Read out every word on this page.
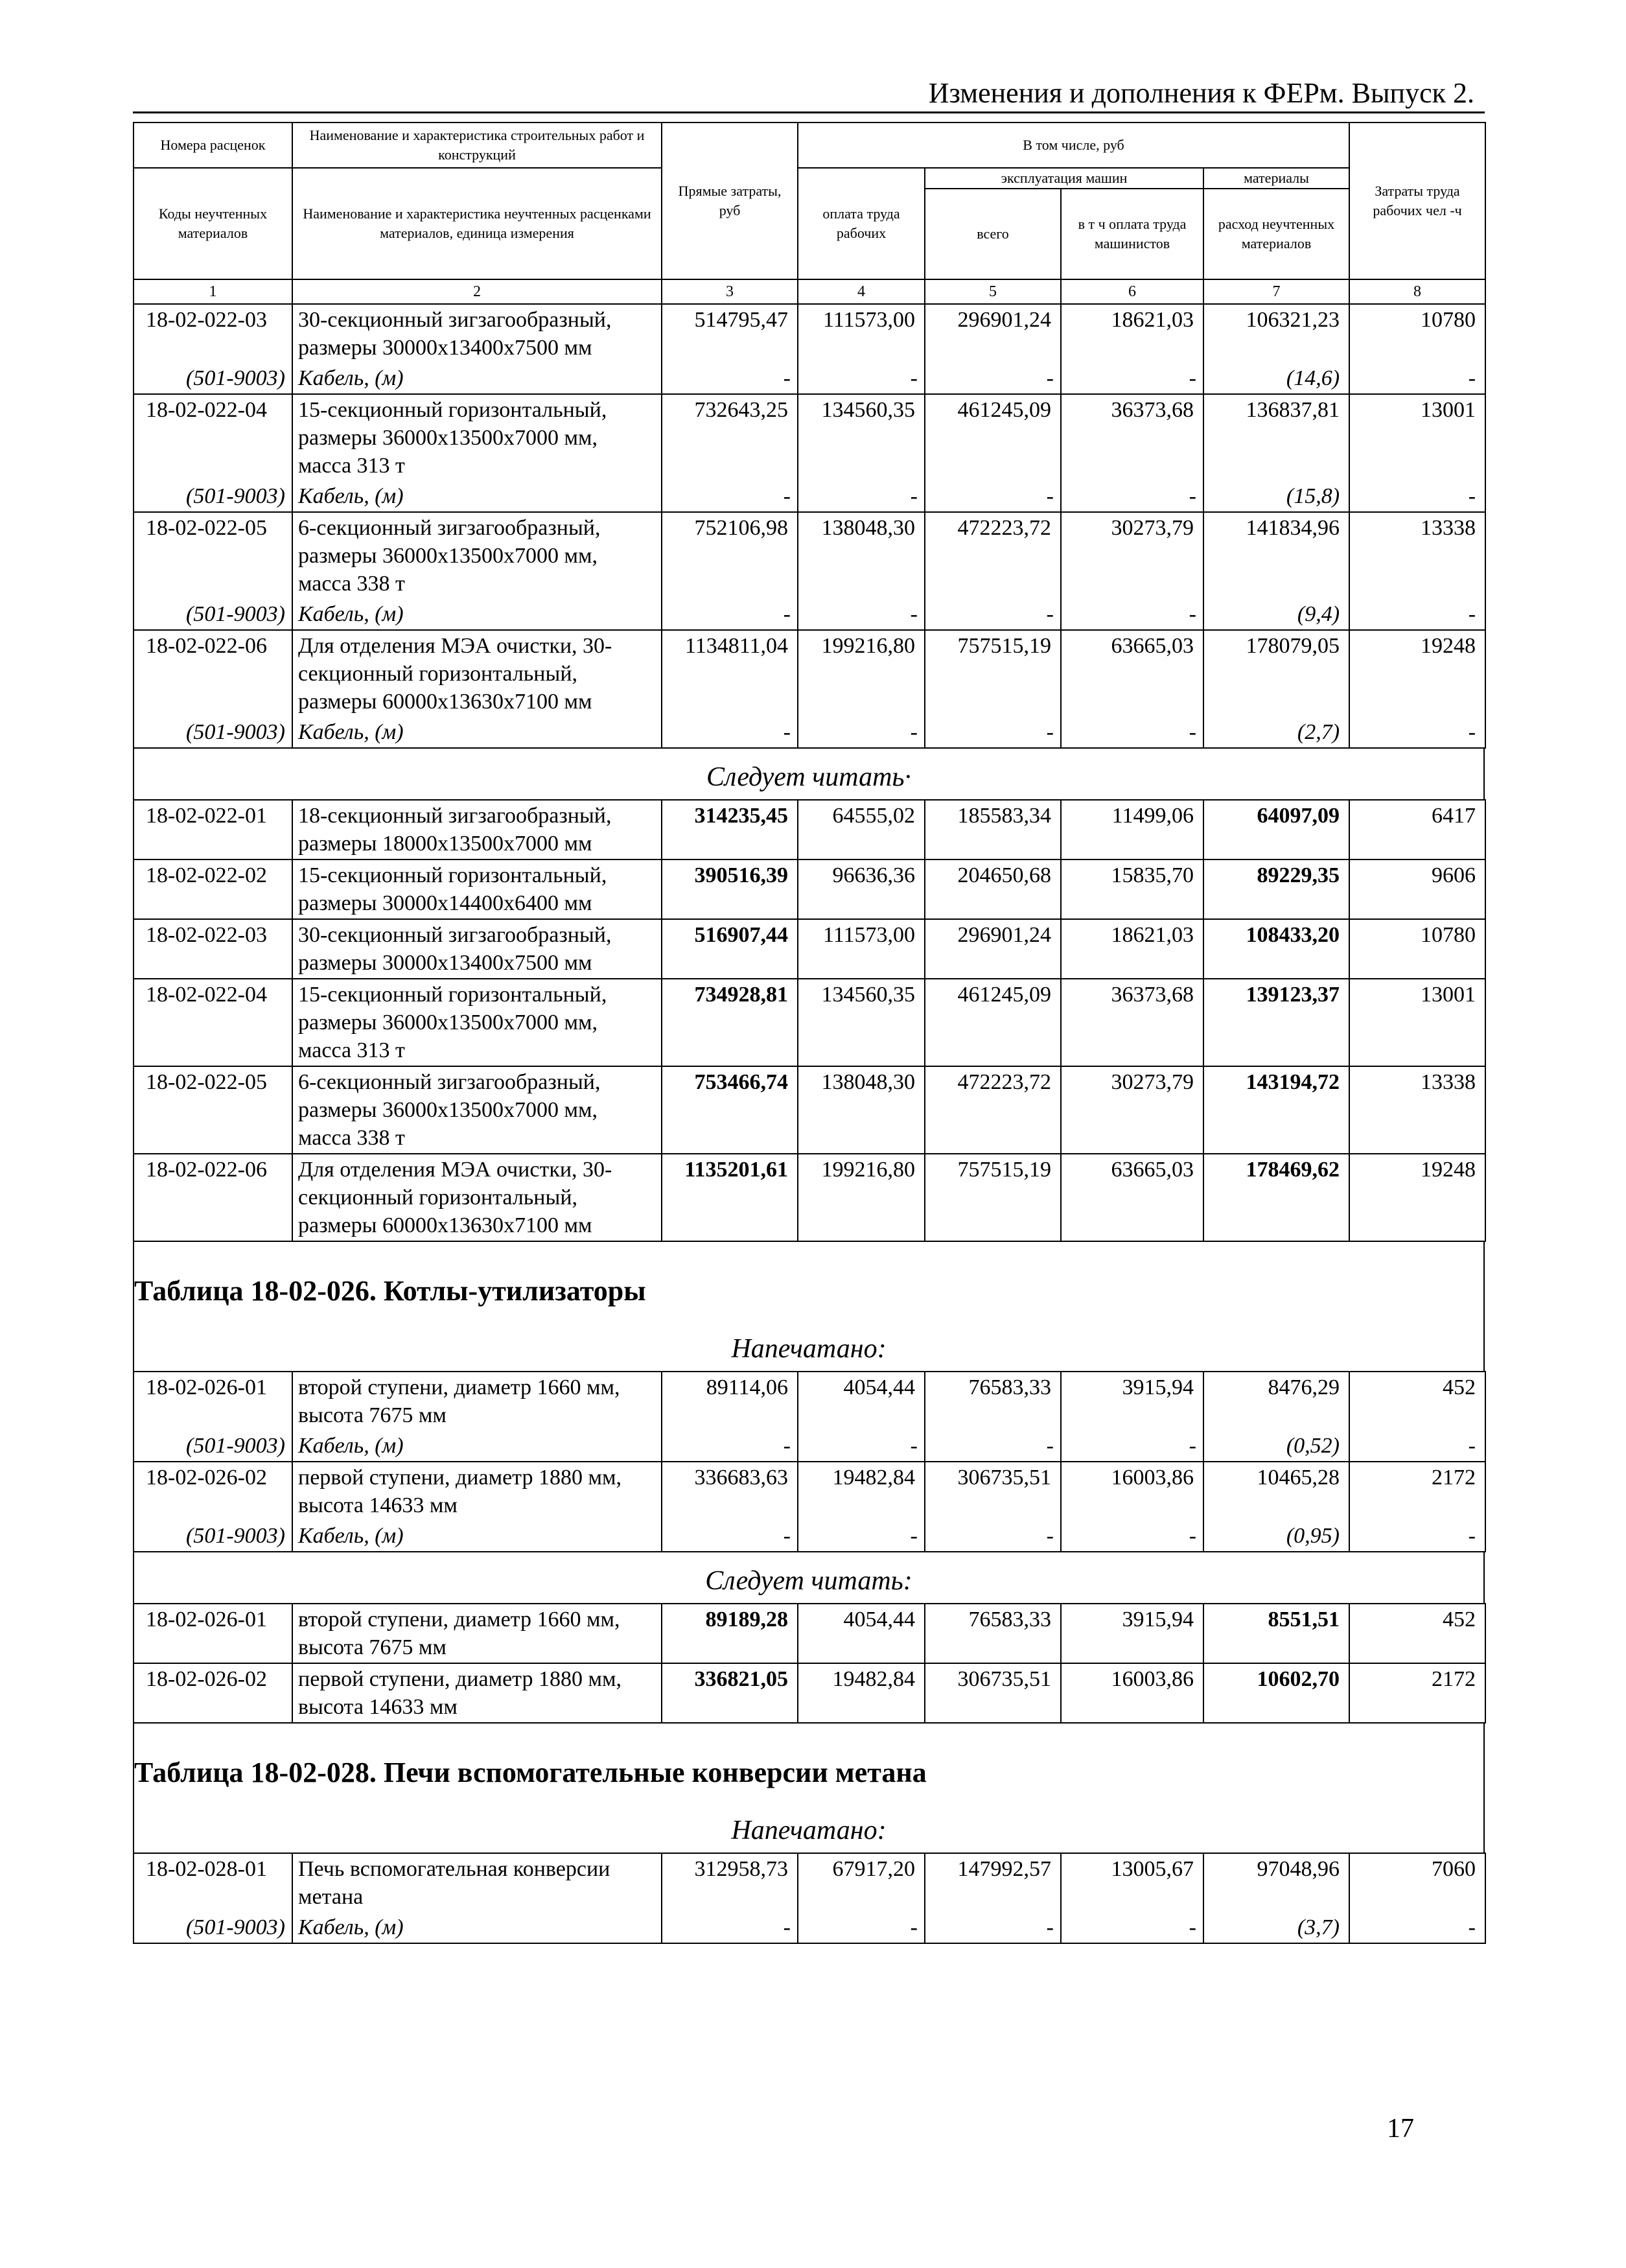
Изменения и дополнения к ФЕРм. Выпуск 2.
Номера расценок	Наименование и характеристика строительных работ и конструкций	Прямые затраты, руб	В том числе, руб				Затраты труда рабочих чел -ч
Коды неучтенных материалов	Наименование и характеристика неучтенных расценками материалов, единица измерения		оплата труда рабочих	эксплуатация машин		материалы	
				всего	в т ч оплата труда машинистов	расход неучтенных материалов	
1	2	3	4	5	6	7	8
18-02-022-03	30-секционный зигзагообразный, размеры 30000x13400x7500 мм	514795,47	111573,00	296901,24	18621,03	106321,23	10780
(501-9003)	Кабель, (м)	-	-	-	-	(14,6)	-
18-02-022-04	15-секционный горизонтальный, размеры 36000x13500x7000 мм, масса 313 т	732643,25	134560,35	461245,09	36373,68	136837,81	13001
(501-9003)	Кабель, (м)	-	-	-	-	(15,8)	-
18-02-022-05	6-секционный зигзагообразный, размеры 36000x13500x7000 мм, масса 338 т	752106,98	138048,30	472223,72	30273,79	141834,96	13338
(501-9003)	Кабель, (м)	-	-	-	-	(9,4)	-
18-02-022-06	Для отделения МЭА очистки, 30-секционный горизонтальный, размеры 60000x13630x7100 мм	1134811,04	199216,80	757515,19	63665,03	178079,05	19248
(501-9003)	Кабель, (м)	-	-	-	-	(2,7)	-
Следует читать·
18-02-022-01	18-секционный зигзагообразный, размеры 18000x13500x7000 мм	314235,45	64555,02	185583,34	11499,06	64097,09	6417
18-02-022-02	15-секционный горизонтальный, размеры 30000x14400x6400 мм	390516,39	96636,36	204650,68	15835,70	89229,35	9606
18-02-022-03	30-секционный зигзагообразный, размеры 30000x13400x7500 мм	516907,44	111573,00	296901,24	18621,03	108433,20	10780
18-02-022-04	15-секционный горизонтальный, размеры 36000x13500x7000 мм, масса 313 т	734928,81	134560,35	461245,09	36373,68	139123,37	13001
18-02-022-05	6-секционный зигзагообразный, размеры 36000x13500x7000 мм, масса 338 т	753466,74	138048,30	472223,72	30273,79	143194,72	13338
18-02-022-06	Для отделения МЭА очистки, 30-секционный горизонтальный, размеры 60000x13630x7100 мм	1135201,61	199216,80	757515,19	63665,03	178469,62	19248
Таблица 18-02-026. Котлы-утилизаторы
Напечатано:
18-02-026-01	второй ступени, диаметр 1660 мм, высота 7675 мм	89114,06	4054,44	76583,33	3915,94	8476,29	452
(501-9003)	Кабель, (м)	-	-	-	-	(0,52)	-
18-02-026-02	первой ступени, диаметр 1880 мм, высота 14633 мм	336683,63	19482,84	306735,51	16003,86	10465,28	2172
(501-9003)	Кабель, (м)	-	-	-	-	(0,95)	-
Следует читать:
18-02-026-01	второй ступени, диаметр 1660 мм, высота 7675 мм	89189,28	4054,44	76583,33	3915,94	8551,51	452
18-02-026-02	первой ступени, диаметр 1880 мм, высота 14633 мм	336821,05	19482,84	306735,51	16003,86	10602,70	2172
Таблица 18-02-028. Печи вспомогательные конверсии метана
Напечатано:
18-02-028-01	Печь вспомогательная конверсии метана	312958,73	67917,20	147992,57	13005,67	97048,96	7060
(501-9003)	Кабель, (м)	-	-	-	-	(3,7)	-
17
